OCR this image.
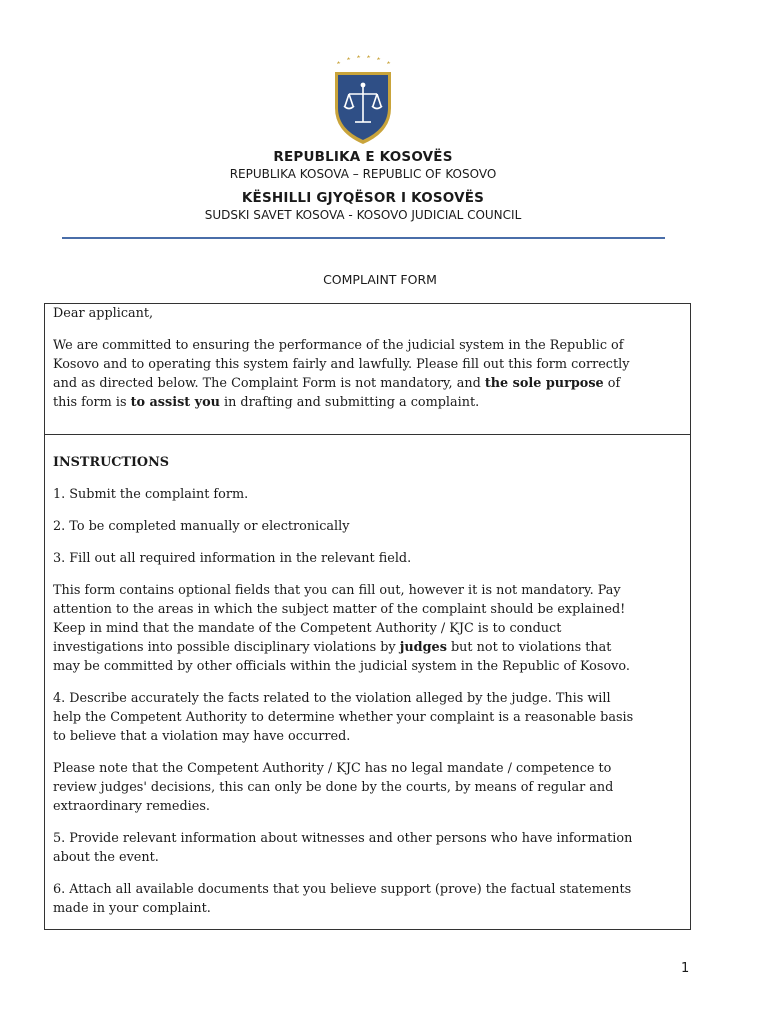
REPUBLIKA E KOSOVËS
REPUBLIKA KOSOVA – REPUBLIC OF KOSOVO
KËSHILLI GJYQËSOR I KOSOVËS
SUDSKI SAVET KOSOVA - KOSOVO JUDICIAL COUNCIL
COMPLAINT FORM

Dear applicant,

We are committed to ensuring the performance of the judicial system in the Republic of
Kosovo and to operating this system fairly and lawfully. Please fill out this form correctly
and as directed below. The Complaint Form is not mandatory, and the sole purpose of
this form is to assist you in drafting and submitting a complaint.

INSTRUCTIONS

1. Submit the complaint form.

2. To be completed manually or electronically

3. Fill out all required information in the relevant field.

This form contains optional fields that you can fill out, however it is not mandatory. Pay
attention to the areas in which the subject matter of the complaint should be explained!
Keep in mind that the mandate of the Competent Authority / KJC is to conduct
investigations into possible disciplinary violations by judges but not to violations that
may be committed by other officials within the judicial system in the Republic of Kosovo.
4. Describe accurately the facts related to the violation alleged by the judge. This will
help the Competent Authority to determine whether your complaint is a reasonable basis
to believe that a violation may have occurred.
Please note that the Competent Authority / KJC has no legal mandate / competence to
review judges' decisions, this can only be done by the courts, by means of regular and
extraordinary remedies.
5. Provide relevant information about witnesses and other persons who have information
about the event.
6. Attach all available documents that you believe support (prove) the factual statements
made in your complaint.
1
